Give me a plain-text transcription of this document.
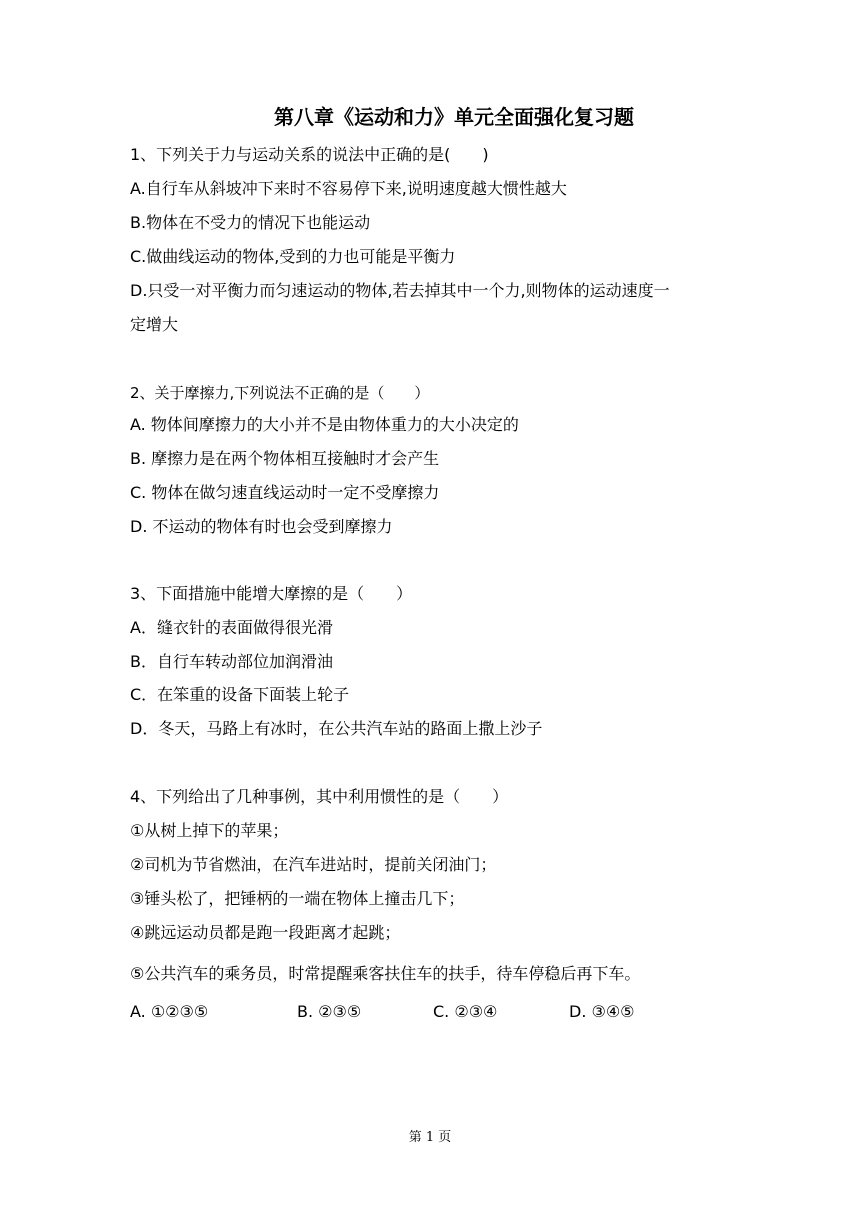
第八章《运动和力》单元全面强化复习题
1、下列关于力与运动关系的说法中正确的是(　　)
A.自行车从斜坡冲下来时不容易停下来,说明速度越大惯性越大
B.物体在不受力的情况下也能运动
C.做曲线运动的物体,受到的力也可能是平衡力
D.只受一对平衡力而匀速运动的物体,若去掉其中一个力,则物体的运动速度一
定增大
2、关于摩擦力,下列说法不正确的是（　　）
A. 物体间摩擦力的大小并不是由物体重力的大小决定的
B. 摩擦力是在两个物体相互接触时才会产生
C. 物体在做匀速直线运动时一定不受摩擦力
D. 不运动的物体有时也会受到摩擦力
3、下面措施中能增大摩擦的是（　　）
A．缝衣针的表面做得很光滑
B．自行车转动部位加润滑油
C．在笨重的设备下面装上轮子
D．冬天，马路上有冰时，在公共汽车站的路面上撒上沙子
4、下列给出了几种事例，其中利用惯性的是（　　）
①从树上掉下的苹果；
②司机为节省燃油，在汽车进站时，提前关闭油门；
③锤头松了，把锤柄的一端在物体上撞击几下；
④跳远运动员都是跑一段距离才起跳；
⑤公共汽车的乘务员，时常提醒乘客扶住车的扶手，待车停稳后再下车。
A. ①②③⑤	B. ②③⑤	C. ②③④	D. ③④⑤
第 1 页
